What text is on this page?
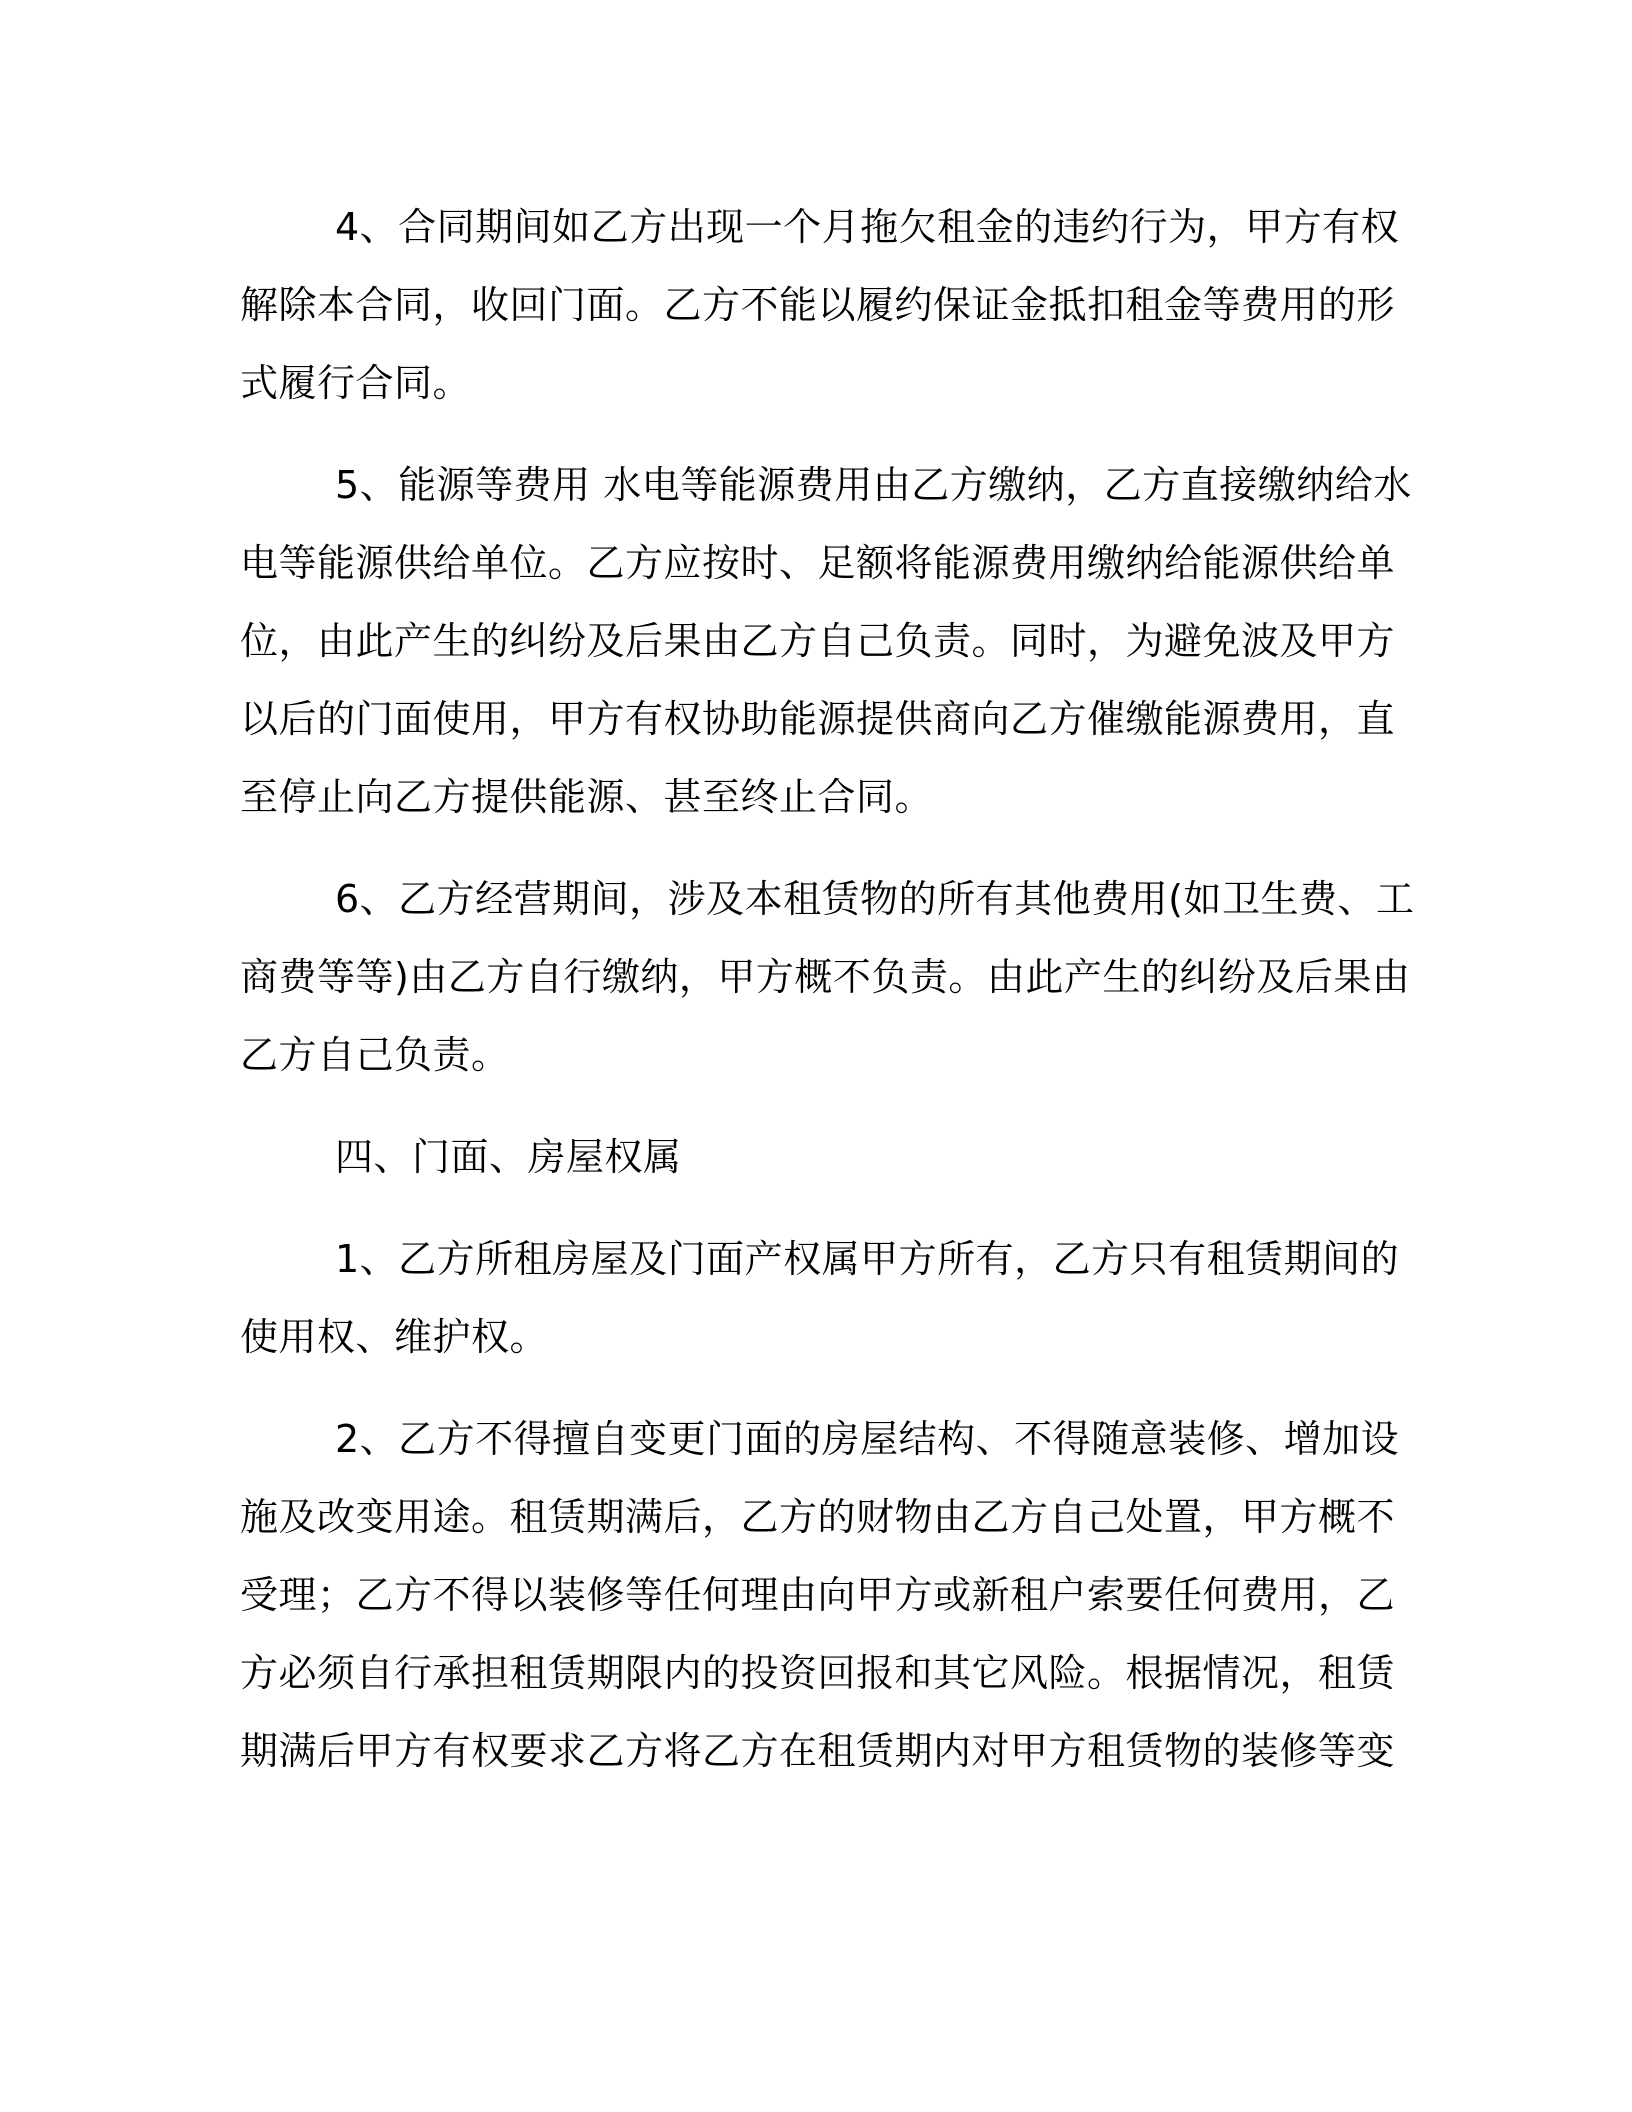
4、合同期间如乙方出现一个月拖欠租金的违约行为，甲方有权
解除本合同，收回门面。乙方不能以履约保证金抵扣租金等费用的形
式履行合同。
5、能源等费用 水电等能源费用由乙方缴纳，乙方直接缴纳给水
电等能源供给单位。乙方应按时、足额将能源费用缴纳给能源供给单
位，由此产生的纠纷及后果由乙方自己负责。同时，为避免波及甲方
以后的门面使用，甲方有权协助能源提供商向乙方催缴能源费用，直
至停止向乙方提供能源、甚至终止合同。
6、乙方经营期间，涉及本租赁物的所有其他费用(如卫生费、工
商费等等)由乙方自行缴纳，甲方概不负责。由此产生的纠纷及后果由
乙方自己负责。
四、门面、房屋权属
1、乙方所租房屋及门面产权属甲方所有，乙方只有租赁期间的
使用权、维护权。
2、乙方不得擅自变更门面的房屋结构、不得随意装修、增加设
施及改变用途。租赁期满后，乙方的财物由乙方自己处置，甲方概不
受理；乙方不得以装修等任何理由向甲方或新租户索要任何费用，乙
方必须自行承担租赁期限内的投资回报和其它风险。根据情况，租赁
期满后甲方有权要求乙方将乙方在租赁期内对甲方租赁物的装修等变
